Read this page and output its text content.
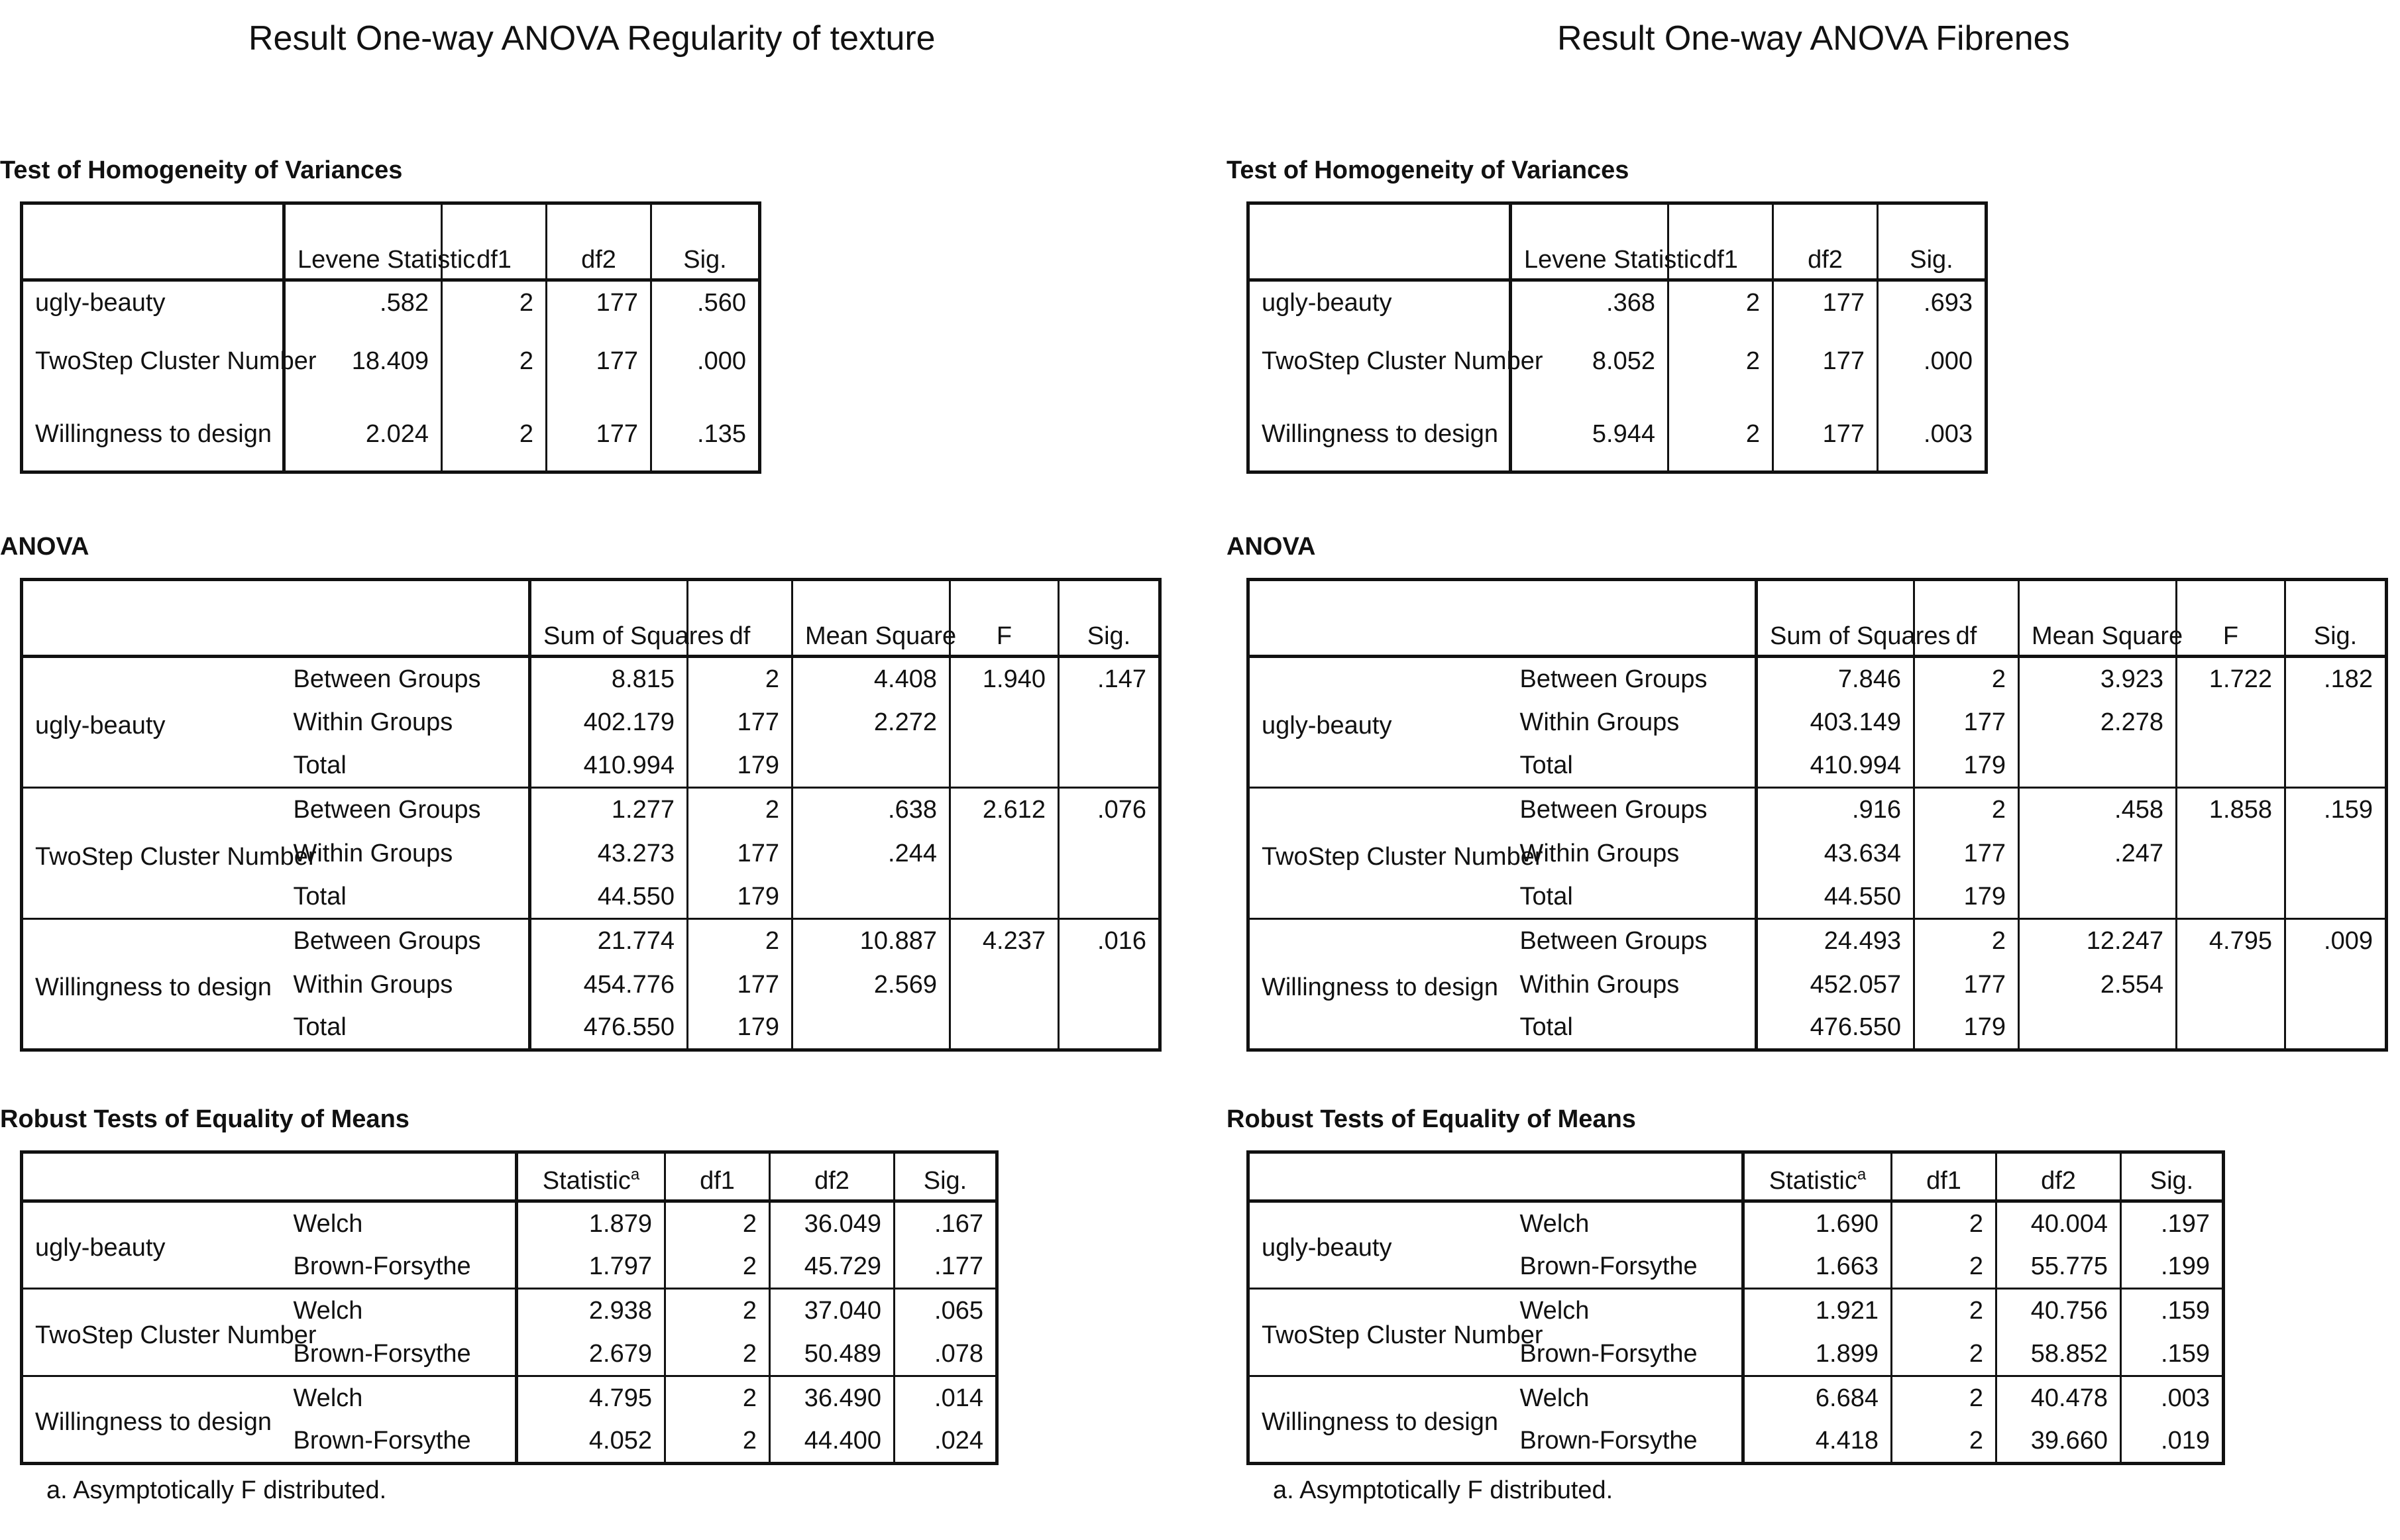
Result One-way ANOVA Regularity of texture
Test of Homogeneity of Variances
	Levene Statistic	df1	df2	Sig.
ugly-beauty	.582	2	177	.560
TwoStep Cluster Number	18.409	2	177	.000
Willingness to design	2.024	2	177	.135
ANOVA
		Sum of Squares	df	Mean Square	F	Sig.
ugly-beauty	Between Groups	8.815	2	4.408	1.940	.147
	Within Groups	402.179	177	2.272		
	Total	410.994	179			
TwoStep Cluster Number	Between Groups	1.277	2	.638	2.612	.076
	Within Groups	43.273	177	.244		
	Total	44.550	179			
Willingness to design	Between Groups	21.774	2	10.887	4.237	.016
	Within Groups	454.776	177	2.569		
	Total	476.550	179			
Robust Tests of Equality of Means
		Statistic$^a$	df1	df2	Sig.
ugly-beauty	Welch	1.879	2	36.049	.167
	Brown-Forsythe	1.797	2	45.729	.177
TwoStep Cluster Number	Welch	2.938	2	37.040	.065
	Brown-Forsythe	2.679	2	50.489	.078
Willingness to design	Welch	4.795	2	36.490	.014
	Brown-Forsythe	4.052	2	44.400	.024
a. Asymptotically F distributed.
Result One-way ANOVA Fibrenes
Test of Homogeneity of Variances
	Levene Statistic	df1	df2	Sig.
ugly-beauty	.368	2	177	.693
TwoStep Cluster Number	8.052	2	177	.000
Willingness to design	5.944	2	177	.003
ANOVA
		Sum of Squares	df	Mean Square	F	Sig.
ugly-beauty	Between Groups	7.846	2	3.923	1.722	.182
	Within Groups	403.149	177	2.278		
	Total	410.994	179			
TwoStep Cluster Number	Between Groups	.916	2	.458	1.858	.159
	Within Groups	43.634	177	.247		
	Total	44.550	179			
Willingness to design	Between Groups	24.493	2	12.247	4.795	.009
	Within Groups	452.057	177	2.554		
	Total	476.550	179			
Robust Tests of Equality of Means
		Statistic$^a$	df1	df2	Sig.
ugly-beauty	Welch	1.690	2	40.004	.197
	Brown-Forsythe	1.663	2	55.775	.199
TwoStep Cluster Number	Welch	1.921	2	40.756	.159
	Brown-Forsythe	1.899	2	58.852	.159
Willingness to design	Welch	6.684	2	40.478	.003
	Brown-Forsythe	4.418	2	39.660	.019
a. Asymptotically F distributed.
